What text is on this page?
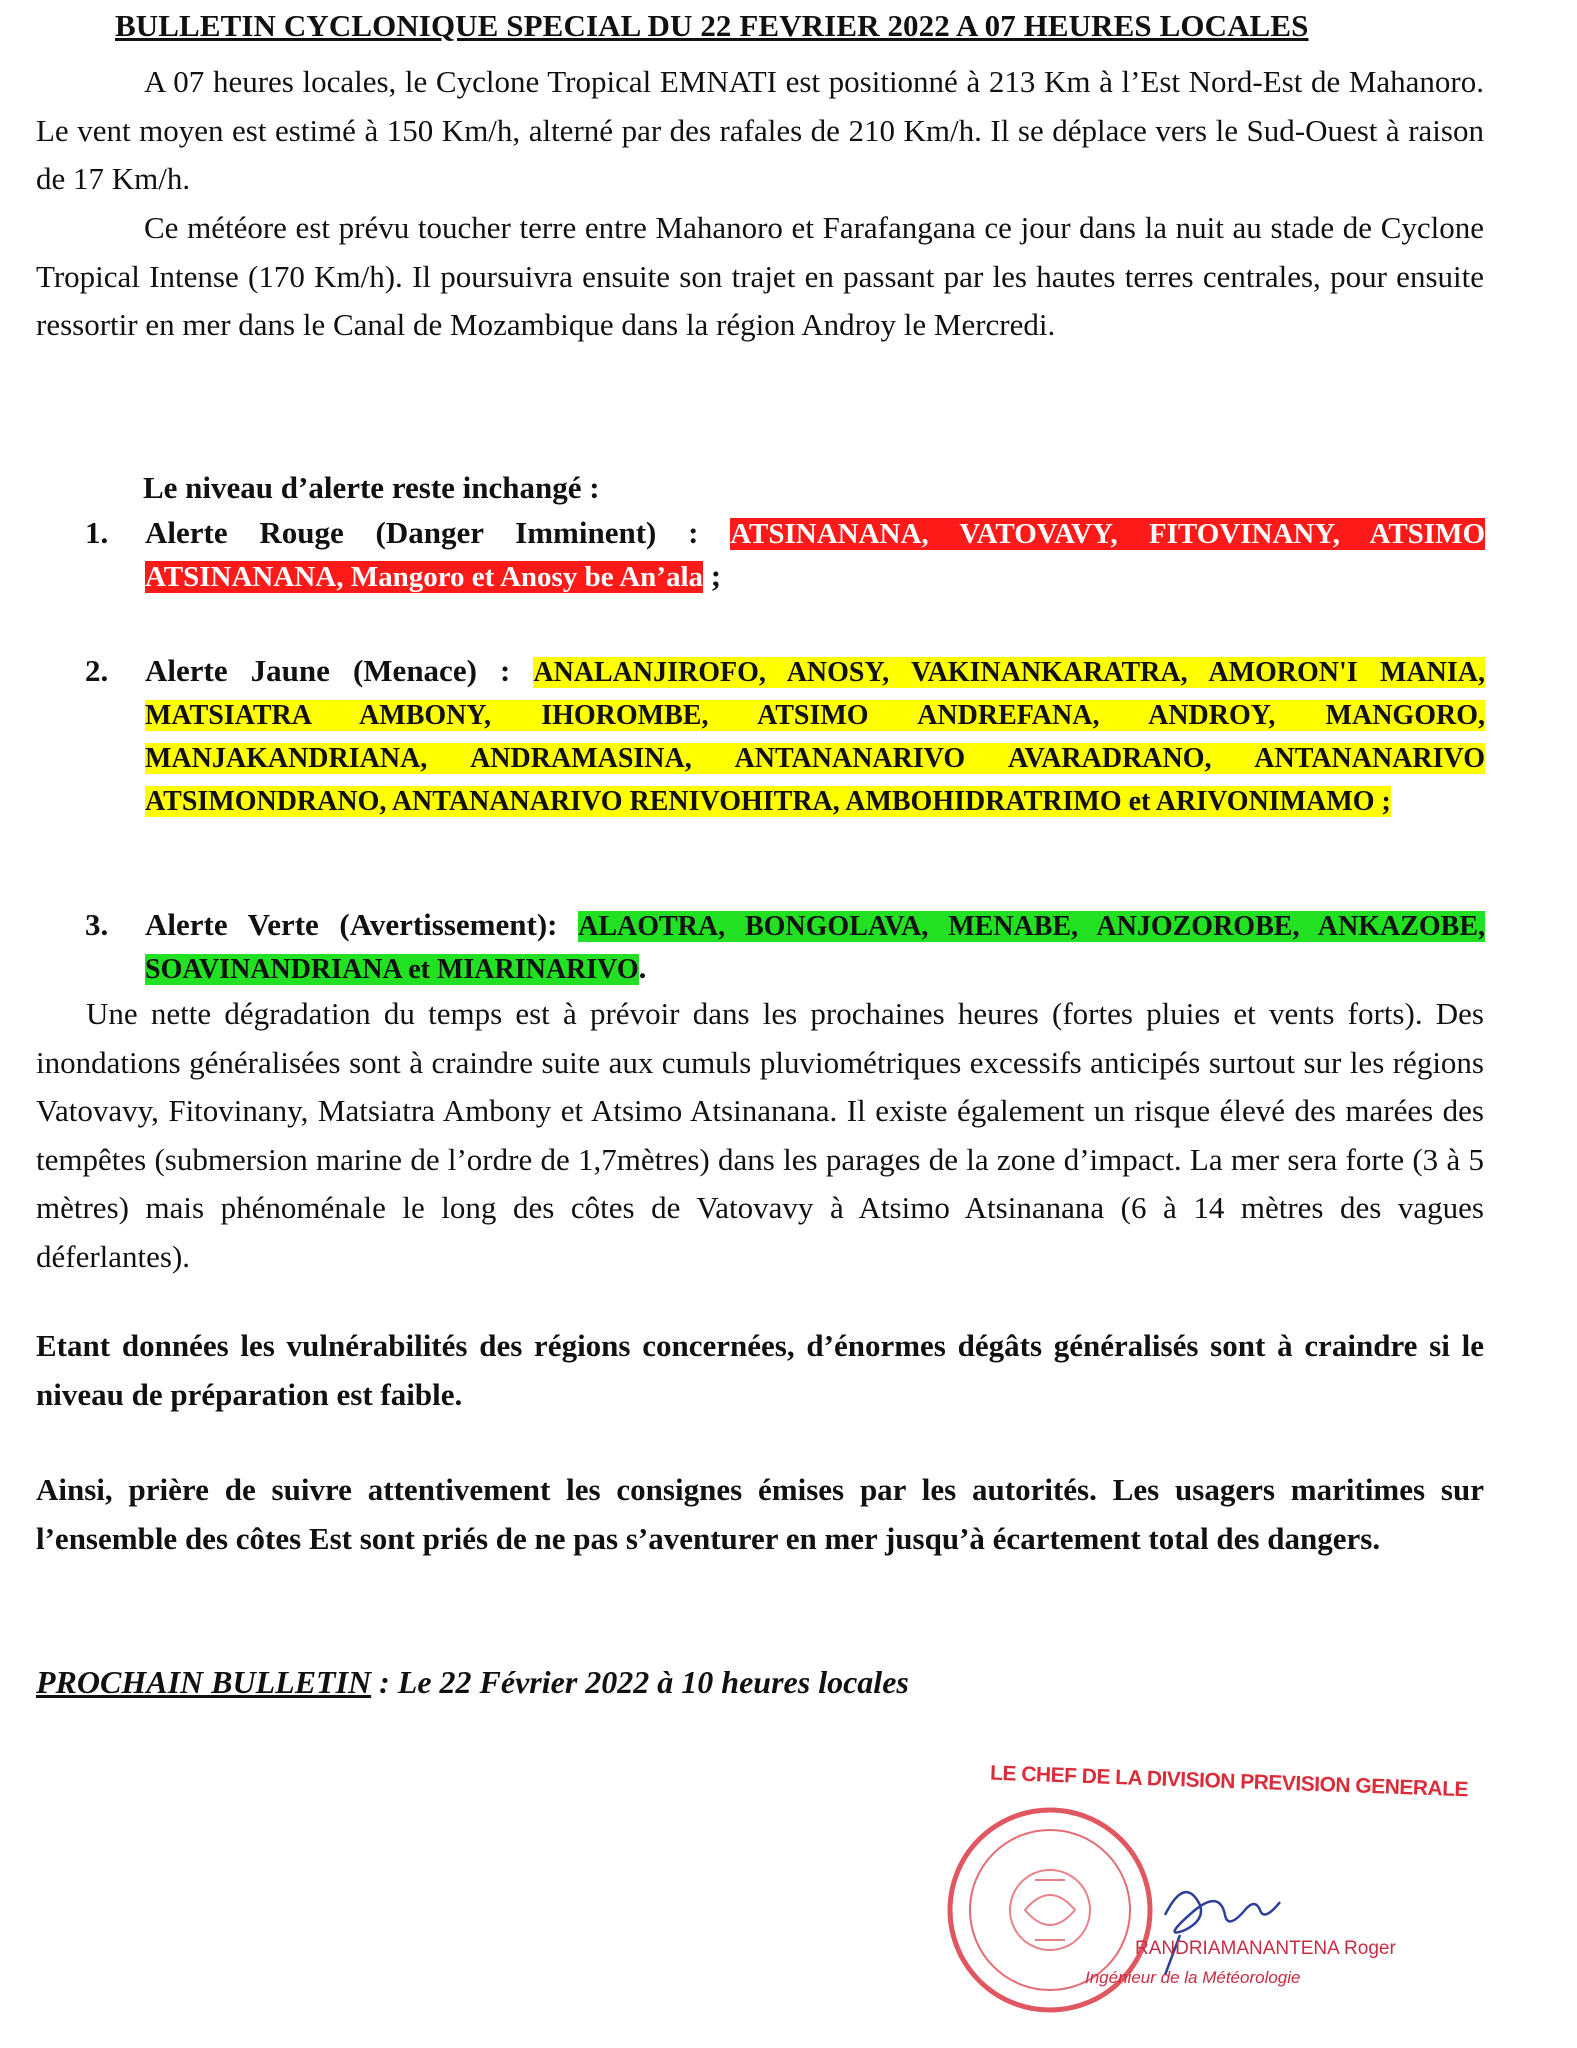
BULLETIN CYCLONIQUE SPECIAL DU 22 FEVRIER 2022 A 07 HEURES LOCALES
A 07 heures locales, le Cyclone Tropical EMNATI est positionné à 213 Km à l’Est Nord-Est de Mahanoro. Le vent moyen est estimé à 150 Km/h, alterné par des rafales de 210 Km/h. Il se déplace vers le Sud-Ouest à raison de 17 Km/h.
Ce météore est prévu toucher terre entre Mahanoro et Farafangana ce jour dans la nuit au stade de Cyclone Tropical Intense (170 Km/h). Il poursuivra ensuite son trajet en passant par les hautes terres centrales, pour ensuite ressortir en mer dans le Canal de Mozambique dans la région Androy le Mercredi.
Le niveau d’alerte reste inchangé :
1. Alerte Rouge (Danger Imminent) : ATSINANANA, VATOVAVY, FITOVINANY, ATSIMO ATSINANANA, Mangoro et Anosy be An’ala ;
2. Alerte Jaune (Menace) : ANALANJIROFO, ANOSY, VAKINANKARATRA, AMORON'I MANIA, MATSIATRA AMBONY, IHOROMBE, ATSIMO ANDREFANA, ANDROY, MANGORO, MANJAKANDRIANA, ANDRAMASINA, ANTANANARIVO AVARADRANO, ANTANANARIVO ATSIMONDRANO, ANTANANARIVO RENIVOHITRA, AMBOHIDRATRIMO et ARIVONIMAMO ;
3. Alerte Verte (Avertissement): ALAOTRA, BONGOLAVA, MENABE, ANJOZOROBE, ANKAZOBE, SOAVINANDRIANA et MIARINARIVO.
Une nette dégradation du temps est à prévoir dans les prochaines heures (fortes pluies et vents forts). Des inondations généralisées sont à craindre suite aux cumuls pluviométriques excessifs anticipés surtout sur les régions Vatovavy, Fitovinany, Matsiatra Ambony et Atsimo Atsinanana. Il existe également un risque élevé des marées des tempêtes (submersion marine de l’ordre de 1,7mètres) dans les parages de la zone d’impact. La mer sera forte (3 à 5 mètres) mais phénoménale le long des côtes de Vatovavy à Atsimo Atsinanana (6 à 14 mètres des vagues déferlantes).
Etant données les vulnérabilités des régions concernées, d’énormes dégâts généralisés sont à craindre si le niveau de préparation est faible.
Ainsi, prière de suivre attentivement les consignes émises par les autorités. Les usagers maritimes sur l’ensemble des côtes Est sont priés de ne pas s’aventurer en mer jusqu’à écartement total des dangers.
PROCHAIN BULLETIN : Le 22 Février 2022 à 10 heures locales
LE CHEF DE LA DIVISION PREVISION GENERALE
RANDRIAMANANTENA Roger
Ingénieur de la Météorologie
